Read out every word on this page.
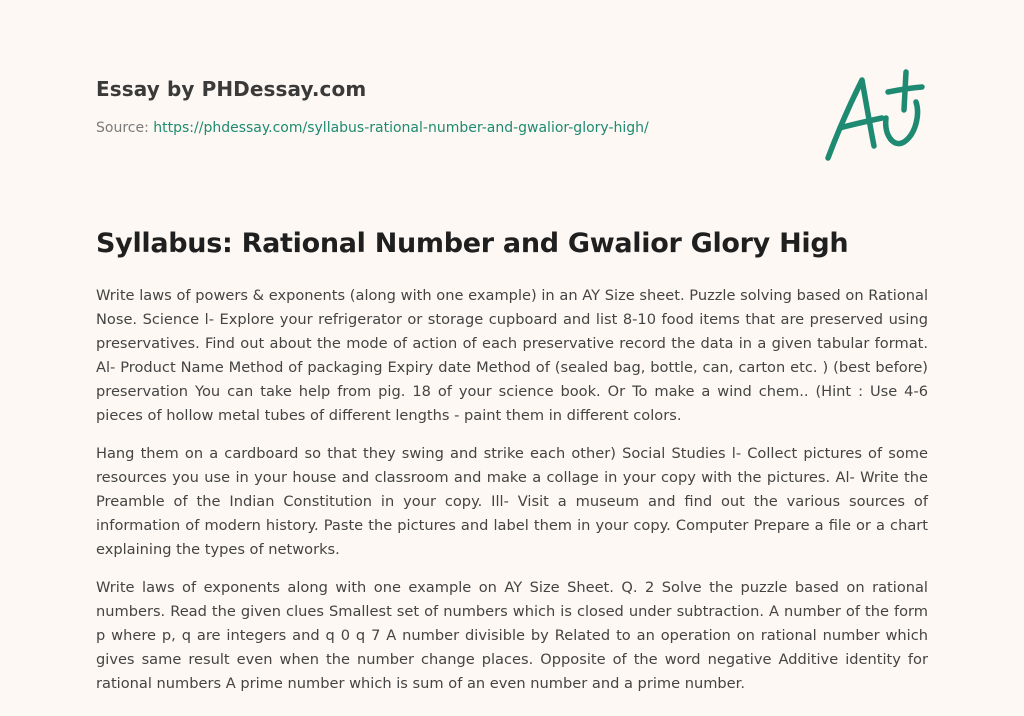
Essay by PHDessay.com
Source: https://phdessay.com/syllabus-rational-number-and-gwalior-glory-high/
Syllabus: Rational Number and Gwalior Glory High

Write laws of powers & exponents (along with one example) in an AY Size sheet. Puzzle solving based on Rational Nose. Science l- Explore your refrigerator or storage cupboard and list 8-10 food items that are preserved using preservatives. Find out about the mode of action of each preservative record the data in a given tabular format. Al- Product Name Method of packaging Expiry date Method of (sealed bag, bottle, can, carton etc. ) (best before) preservation You can take help from pig. 18 of your science book. Or To make a wind chem.. (Hint : Use 4-6 pieces of hollow metal tubes of different lengths - paint them in different colors.

Hang them on a cardboard so that they swing and strike each other) Social Studies l- Collect pictures of some resources you use in your house and classroom and make a collage in your copy with the pictures. Al- Write the Preamble of the Indian Constitution in your copy. Ill- Visit a museum and find out the various sources of information of modern history. Paste the pictures and label them in your copy. Computer Prepare a file or a chart explaining the types of networks.

Write laws of exponents along with one example on AY Size Sheet. Q. 2 Solve the puzzle based on rational numbers. Read the given clues Smallest set of numbers which is closed under subtraction. A number of the form p where p, q are integers and q 0 q 7 A number divisible by Related to an operation on rational number which gives same result even when the number change places. Opposite of the word negative Additive identity for rational numbers A prime number which is sum of an even number and a prime number.
